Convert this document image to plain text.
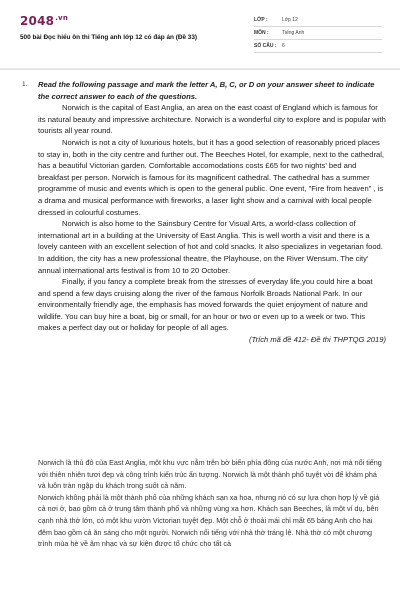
$2048^{.vn}$
500 bài Đọc hiểu ôn thi Tiếng anh lớp 12 có đáp án (Đề 33)
LỚP :	Lớp 12
MÔN :	Tiếng Anh
SỐ CÂU :	6
1. Read the following passage and mark the letter A, B, C, or D on your answer sheet to indicate the correct answer to each of the questions.

Norwich is the capital of East Anglia, an area on the east coast of England which is famous for its natural beauty and impressive architecture. Norwich is a wonderful city to explore and is popular with tourists all year round.

Norwich is not a city of luxurious hotels, but it has a good selection of reasonably priced places to stay in, both in the city centre and further out. The Beeches Hotel, for example, next to the cathedral, has a beautiful Victorian garden. Comfortable accomodations costs £65 for two nights' bed and breakfast per person. Norwich is famous for its magnificent cathedral. The cathedral has a summer programme of music and events which is open to the general public. One event, "Fire from heaven" , is a drama and musical performance with fireworks, a laser light show and a carnival with local people dressed in colourful costumes.

Norwich is also home to the Sainsbury Centre for Visual Arts, a world-class collection of international art in a building at the University of East Anglia. This is well worth a visit and there is a lovely canteen with an excellent selection of hot and cold snacks. It also specializes in vegetarian food. In addition, the city has a new professional theatre, the Playhouse, on the River Wensum. The city' annual international arts festival is from 10 to 20 October.

Finally, if you fancy a complete break from the stresses of everyday life,you could hire a boat and spend a few days cruising along the river of the famous Norfolk Broads National Park. In our environmentally friendly age, the emphasis has moved forwards the quiet enjoyment of nature and wildlife. You can buy hire a boat, big or small, for an hour or two or even up to a week or two. This makes a perfect day out or holiday for people of all ages.

(Trích mã đề 412- Đề thi THPTQG 2019)

Norwich là thủ đô của East Anglia, một khu vực nằm trên bờ biển phía đông của nước Anh, nơi mà nổi tiếng với thiên nhiên tươi đẹp và công trình kiến trúc ấn tượng. Norwich là một thành phố tuyệt vời để khám phá và luôn tràn ngập du khách trong suốt cả năm.

Norwich không phải là một thành phố của những khách sạn xa hoa, nhưng nó có sự lựa chọn hợp lý về giá cả nơi ở, bao gồm cả ở trung tâm thành phố và những vùng xa hơn. Khách sạn Beeches, là một ví dụ, bên cạnh nhà thờ lớn, có một khu vườn Victorian tuyệt đẹp. Một chỗ ở thoải mái chỉ mất 65 bảng Anh cho hai đêm bao gồm cả ăn sáng cho một người. Norwich nổi tiếng với nhà thờ tráng lệ. Nhà thờ có một chương trình mùa hè về âm nhạc và sự kiện được tổ chức cho tất cả
